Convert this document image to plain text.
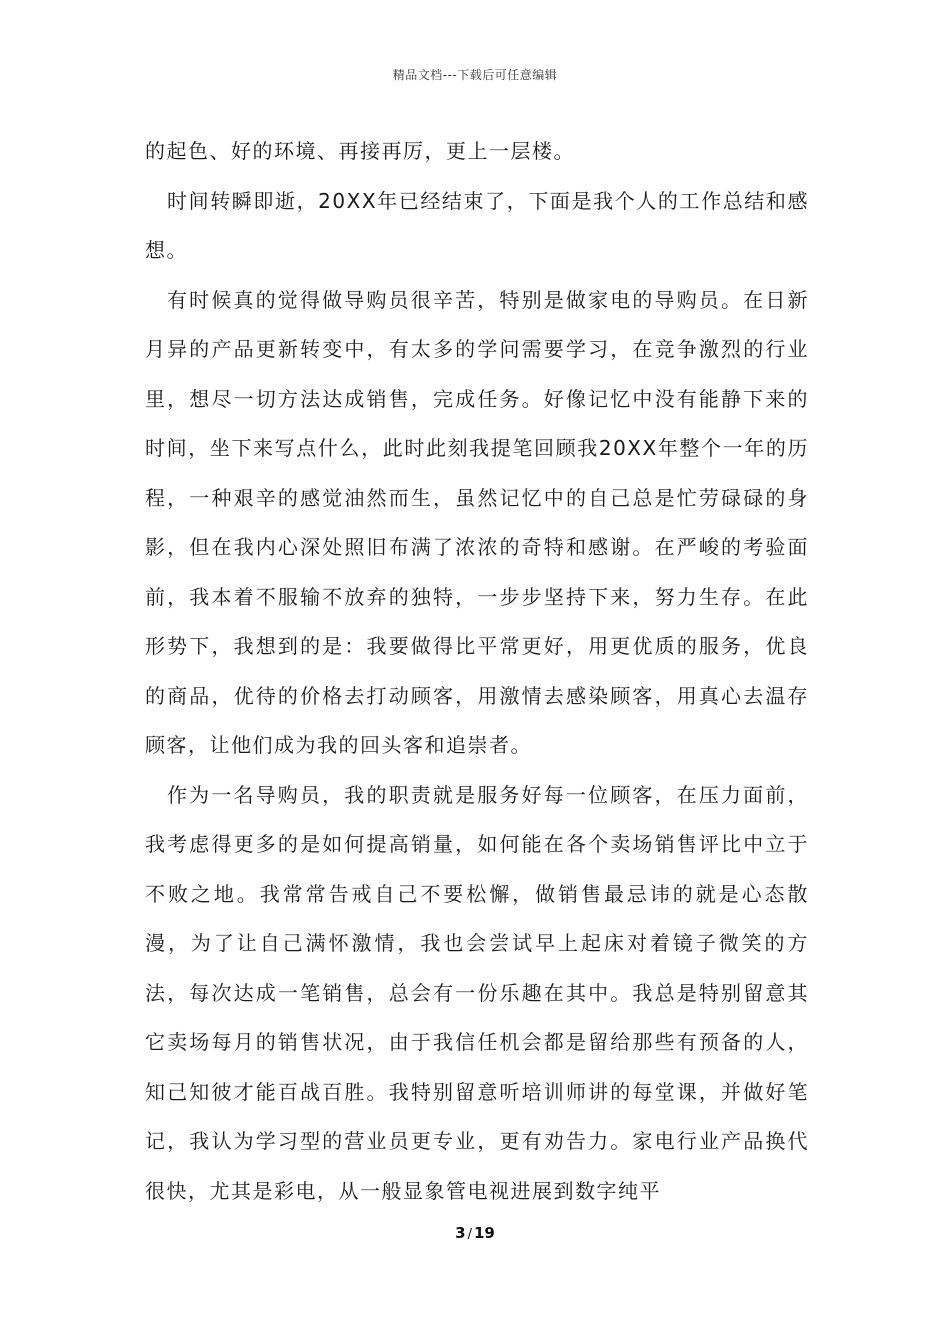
精品文档---下载后可任意编辑

的起色、好的环境、再接再厉，更上一层楼。

时间转瞬即逝，20XX年已经结束了，下面是我个人的工作总结和感想。

有时候真的觉得做导购员很辛苦，特别是做家电的导购员。在日新月异的产品更新转变中，有太多的学问需要学习，在竞争激烈的行业里，想尽一切方法达成销售，完成任务。好像记忆中没有能静下来的时间，坐下来写点什么，此时此刻我提笔回顾我20XX年整个一年的历程，一种艰辛的感觉油然而生，虽然记忆中的自己总是忙劳碌碌的身影，但在我内心深处照旧布满了浓浓的奇特和感谢。在严峻的考验面前，我本着不服输不放弃的独特，一步步坚持下来，努力生存。在此形势下，我想到的是：我要做得比平常更好，用更优质的服务，优良的商品，优待的价格去打动顾客，用激情去感染顾客，用真心去温存顾客，让他们成为我的回头客和追崇者。

作为一名导购员，我的职责就是服务好每一位顾客，在压力面前，我考虑得更多的是如何提高销量，如何能在各个卖场销售评比中立于不败之地。我常常告戒自己不要松懈，做销售最忌讳的就是心态散漫，为了让自己满怀激情，我也会尝试早上起床对着镜子微笑的方法，每次达成一笔销售，总会有一份乐趣在其中。我总是特别留意其它卖场每月的销售状况，由于我信任机会都是留给那些有预备的人，知己知彼才能百战百胜。我特别留意听培训师讲的每堂课，并做好笔记，我认为学习型的营业员更专业，更有劝告力。家电行业产品换代很快，尤其是彩电，从一般显象管电视进展到数字纯平

3 / 19
